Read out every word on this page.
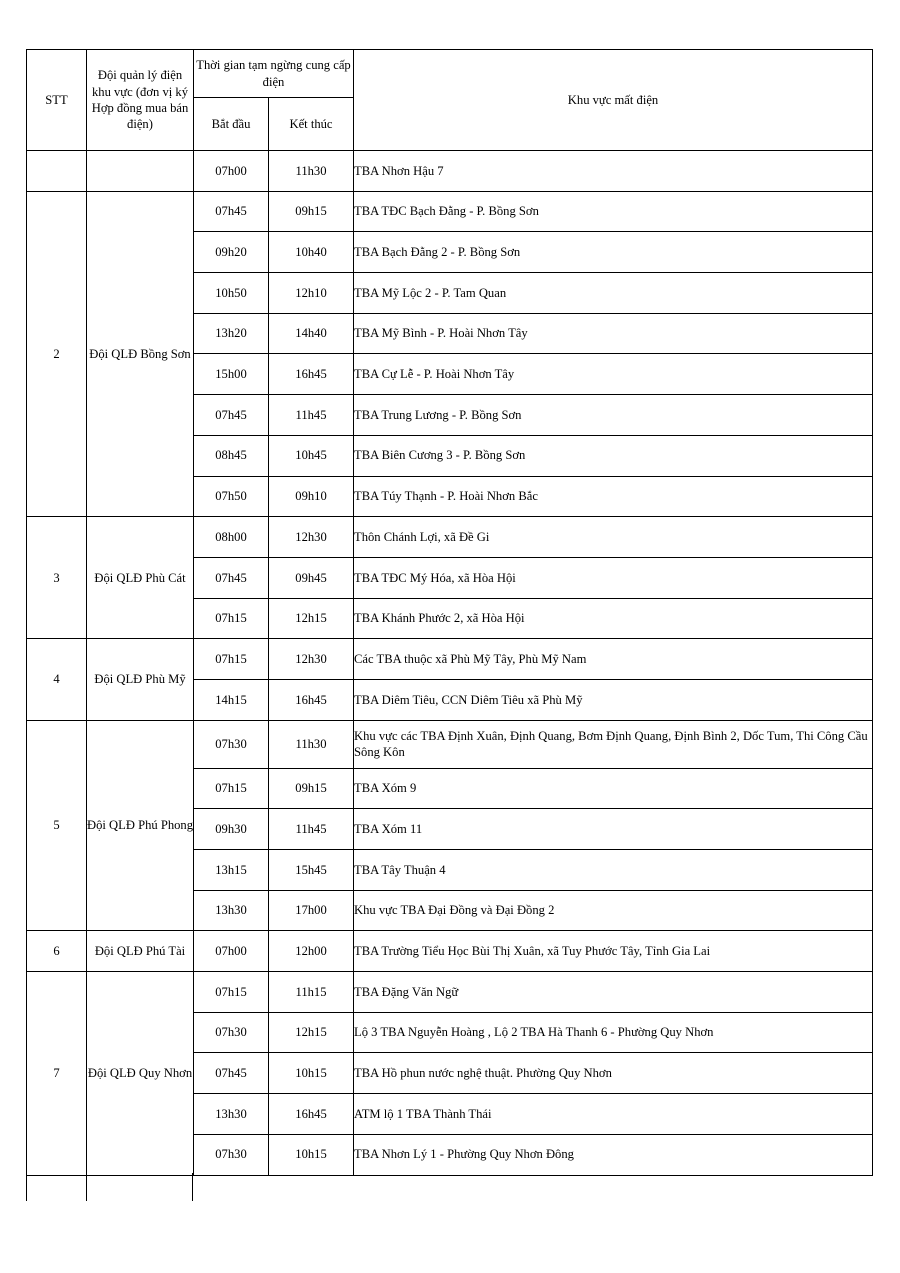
STT	Đội quản lý điện khu vực (đơn vị ký Hợp đồng mua bán điện)	Thời gian tạm ngừng cung cấp điện		Khu vực mất điện
		Bắt đầu	Kết thúc	
		07h00	11h30	TBA Nhơn Hậu 7
2	Đội QLĐ Bồng Sơn	07h45	09h15	TBA TĐC Bạch Đằng - P. Bồng Sơn
		09h20	10h40	TBA Bạch Đằng 2 - P. Bồng Sơn
		10h50	12h10	TBA Mỹ Lộc 2 - P. Tam Quan
		13h20	14h40	TBA Mỹ Bình - P. Hoài Nhơn Tây
		15h00	16h45	TBA Cự Lễ - P. Hoài Nhơn Tây
		07h45	11h45	TBA Trung Lương - P. Bồng Sơn
		08h45	10h45	TBA Biên Cương 3 - P. Bồng Sơn
		07h50	09h10	TBA Túy Thạnh - P. Hoài Nhơn Bắc
3	Đội QLĐ Phù Cát	08h00	12h30	Thôn Chánh Lợi, xã Đề Gi
		07h45	09h45	TBA TĐC Mý Hóa, xã Hòa Hội
		07h15	12h15	TBA Khánh Phước 2, xã Hòa Hội
4	Đội QLĐ Phù Mỹ	07h15	12h30	Các TBA thuộc xã Phù Mỹ Tây, Phù Mỹ Nam
		14h15	16h45	TBA Diêm Tiêu, CCN Diêm Tiêu xã Phù Mỹ
5	Đội QLĐ Phú Phong	07h30	11h30	Khu vực các TBA Định Xuân, Định Quang, Bơm Định Quang, Định Bình 2, Dốc Tum, Thi Công Cầu Sông Kôn
		07h15	09h15	TBA Xóm 9
		09h30	11h45	TBA Xóm 11
		13h15	15h45	TBA Tây Thuận 4
		13h30	17h00	Khu vực TBA Đại Đồng và Đại Đồng 2
6	Đội QLĐ Phú Tài	07h00	12h00	TBA Trường Tiểu Học Bùi Thị Xuân, xã Tuy Phước Tây, Tỉnh Gia Lai
7	Đội QLĐ Quy Nhơn	07h15	11h15	TBA Đặng Văn Ngữ
		07h30	12h15	Lộ 3 TBA Nguyễn Hoàng , Lộ 2 TBA Hà Thanh 6 - Phường Quy Nhơn
		07h45	10h15	TBA Hồ phun nước nghệ thuật. Phường Quy Nhơn
		13h30	16h45	ATM lộ 1 TBA Thành Thái
		07h30	10h15	TBA Nhơn Lý 1 - Phường Quy Nhơn Đông
